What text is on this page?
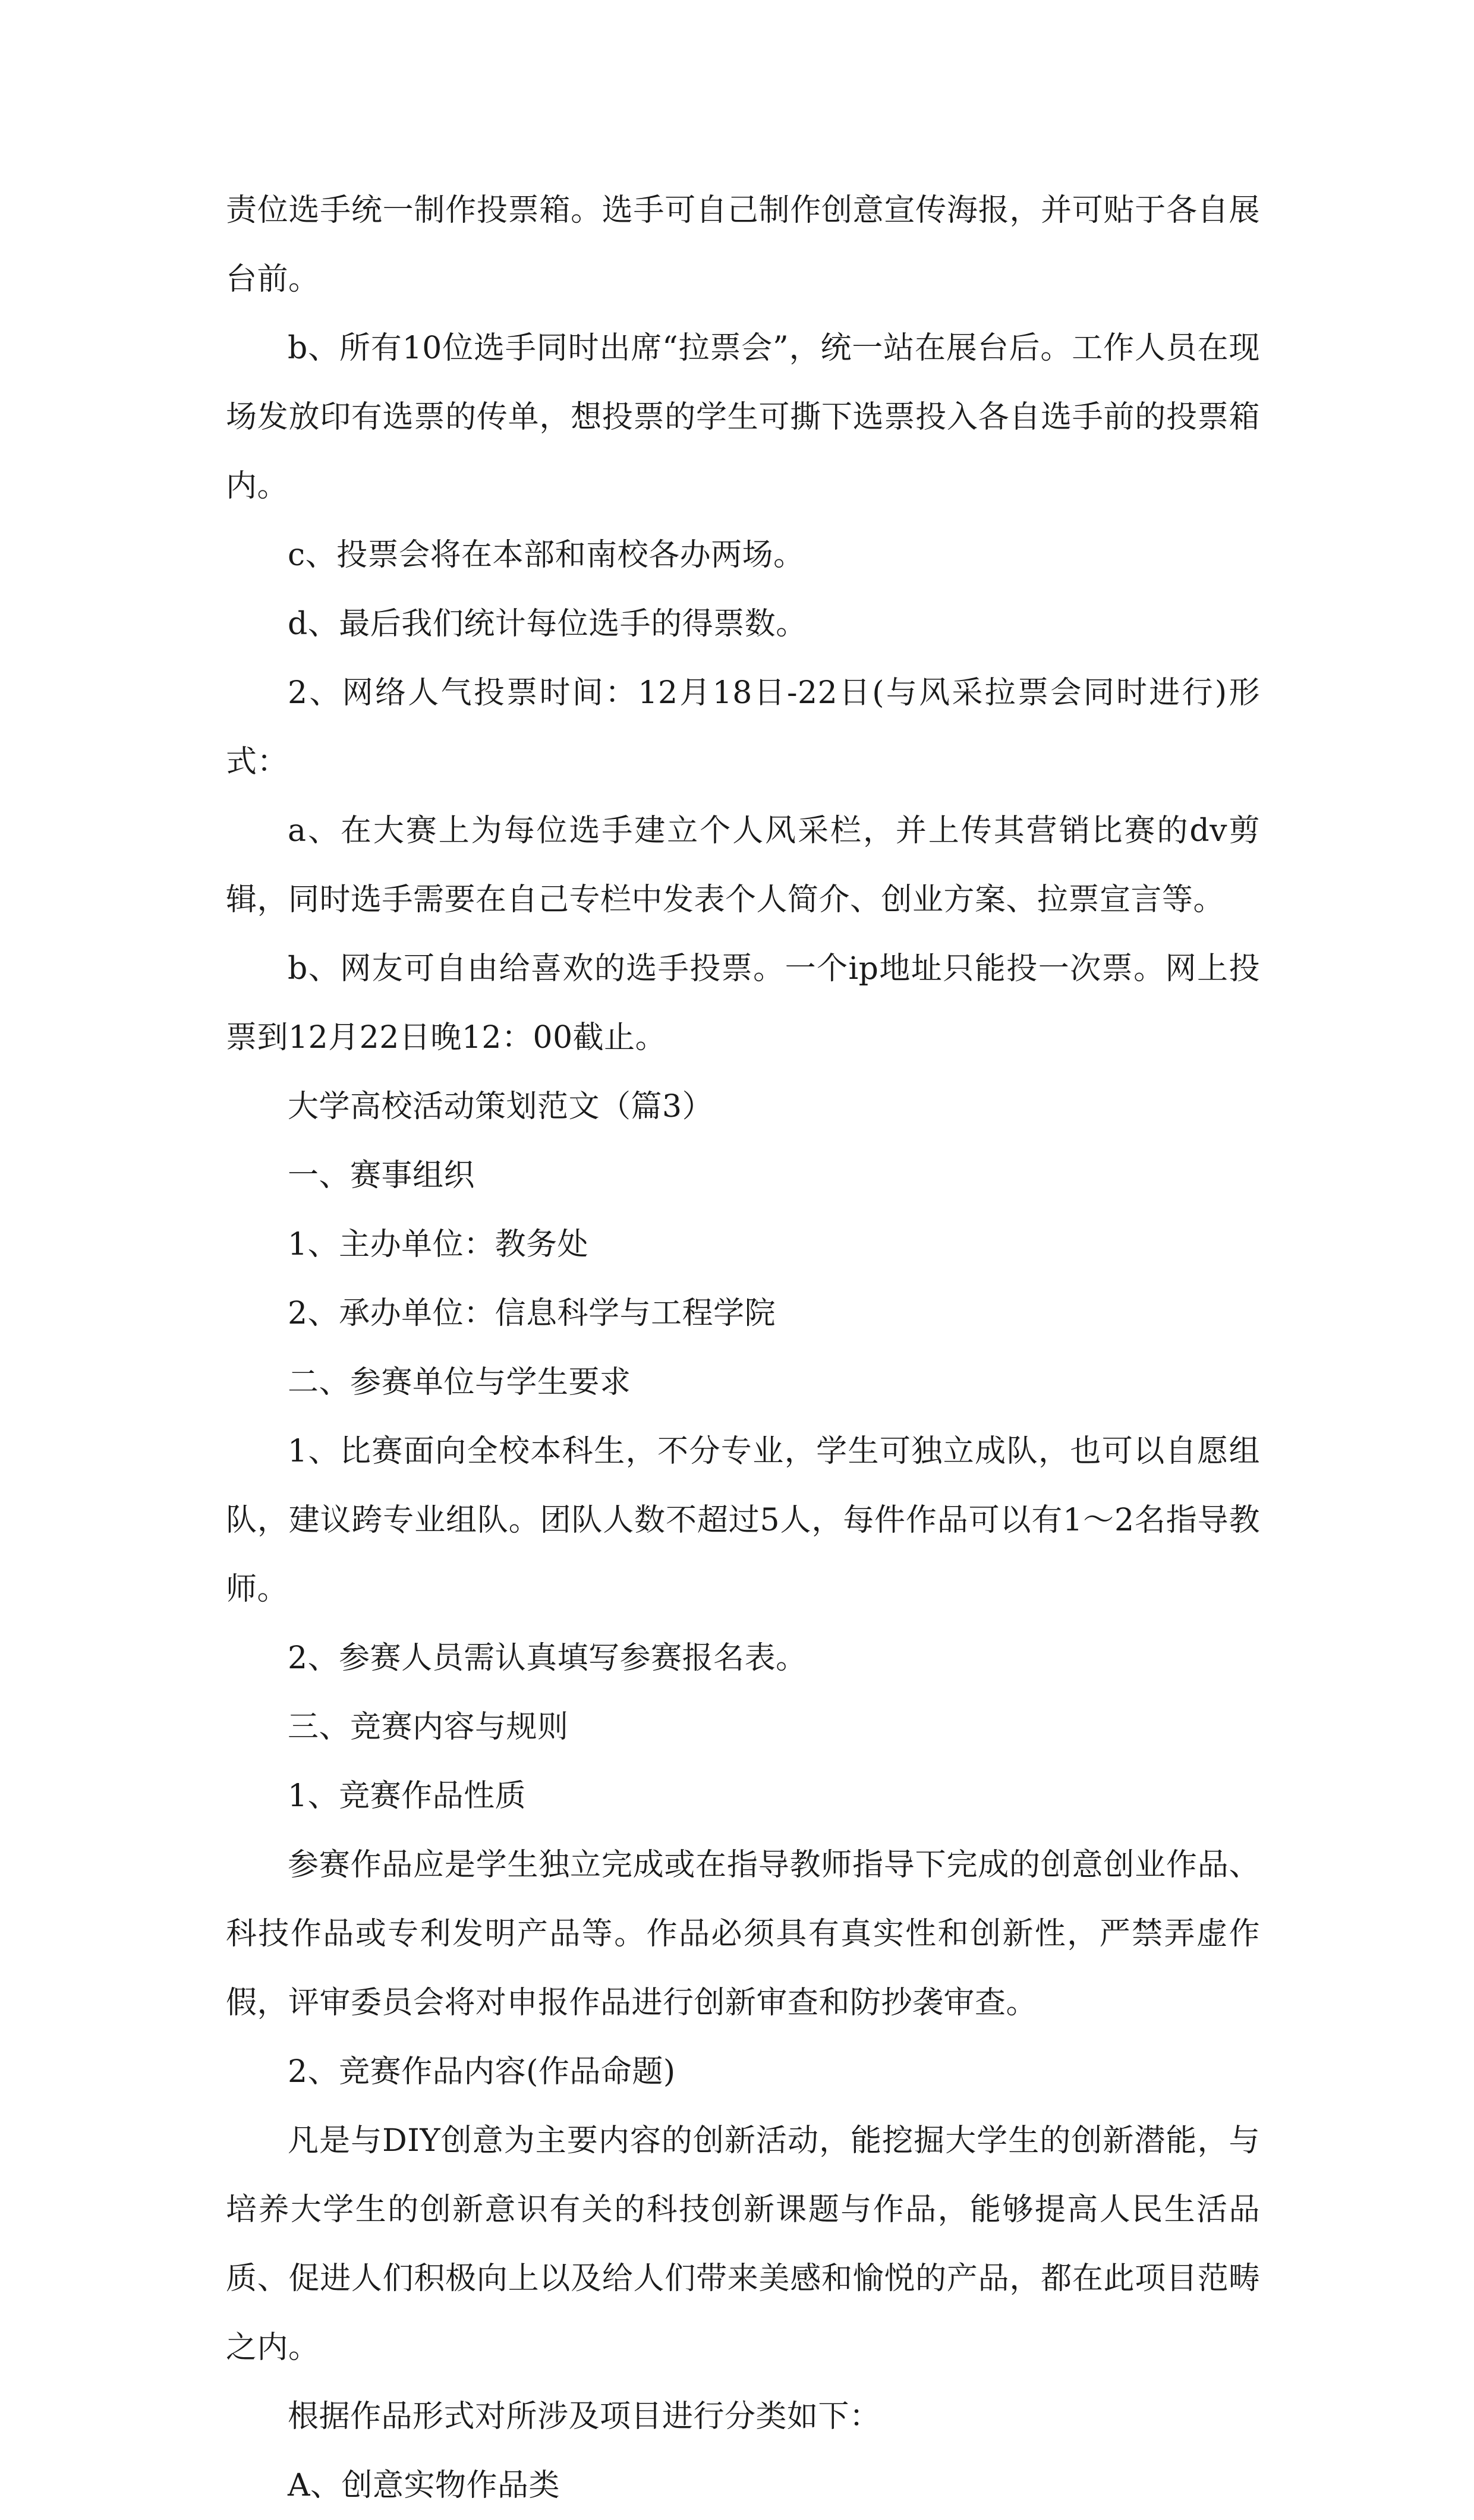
责位选手统一制作投票箱。选手可自己制作创意宣传海报，并可贴于各自展台前。

b、所有10位选手同时出席“拉票会”，统一站在展台后。工作人员在现场发放印有选票的传单，想投票的学生可撕下选票投入各自选手前的投票箱内。

c、投票会将在本部和南校各办两场。

d、最后我们统计每位选手的得票数。

2、网络人气投票时间：12月18日-22日(与风采拉票会同时进行)形式：

a、在大赛上为每位选手建立个人风采栏，并上传其营销比赛的dv剪辑，同时选手需要在自己专栏中发表个人简介、创业方案、拉票宣言等。

b、网友可自由给喜欢的选手投票。一个ip地址只能投一次票。网上投票到12月22日晚12：00截止。

大学高校活动策划范文（篇3）

一、赛事组织

1、主办单位：教务处

2、承办单位：信息科学与工程学院

二、参赛单位与学生要求

1、比赛面向全校本科生，不分专业，学生可独立成队，也可以自愿组队，建议跨专业组队。团队人数不超过5人，每件作品可以有1～2名指导教师。

2、参赛人员需认真填写参赛报名表。

三、竞赛内容与规则

1、竞赛作品性质

参赛作品应是学生独立完成或在指导教师指导下完成的创意创业作品、科技作品或专利发明产品等。作品必须具有真实性和创新性，严禁弄虚作假，评审委员会将对申报作品进行创新审查和防抄袭审查。

2、竞赛作品内容(作品命题)

凡是与DIY创意为主要内容的创新活动，能挖掘大学生的创新潜能，与培养大学生的创新意识有关的科技创新课题与作品，能够提高人民生活品质、促进人们积极向上以及给人们带来美感和愉悦的产品，都在此项目范畴之内。

根据作品形式对所涉及项目进行分类如下：

A、创意实物作品类
